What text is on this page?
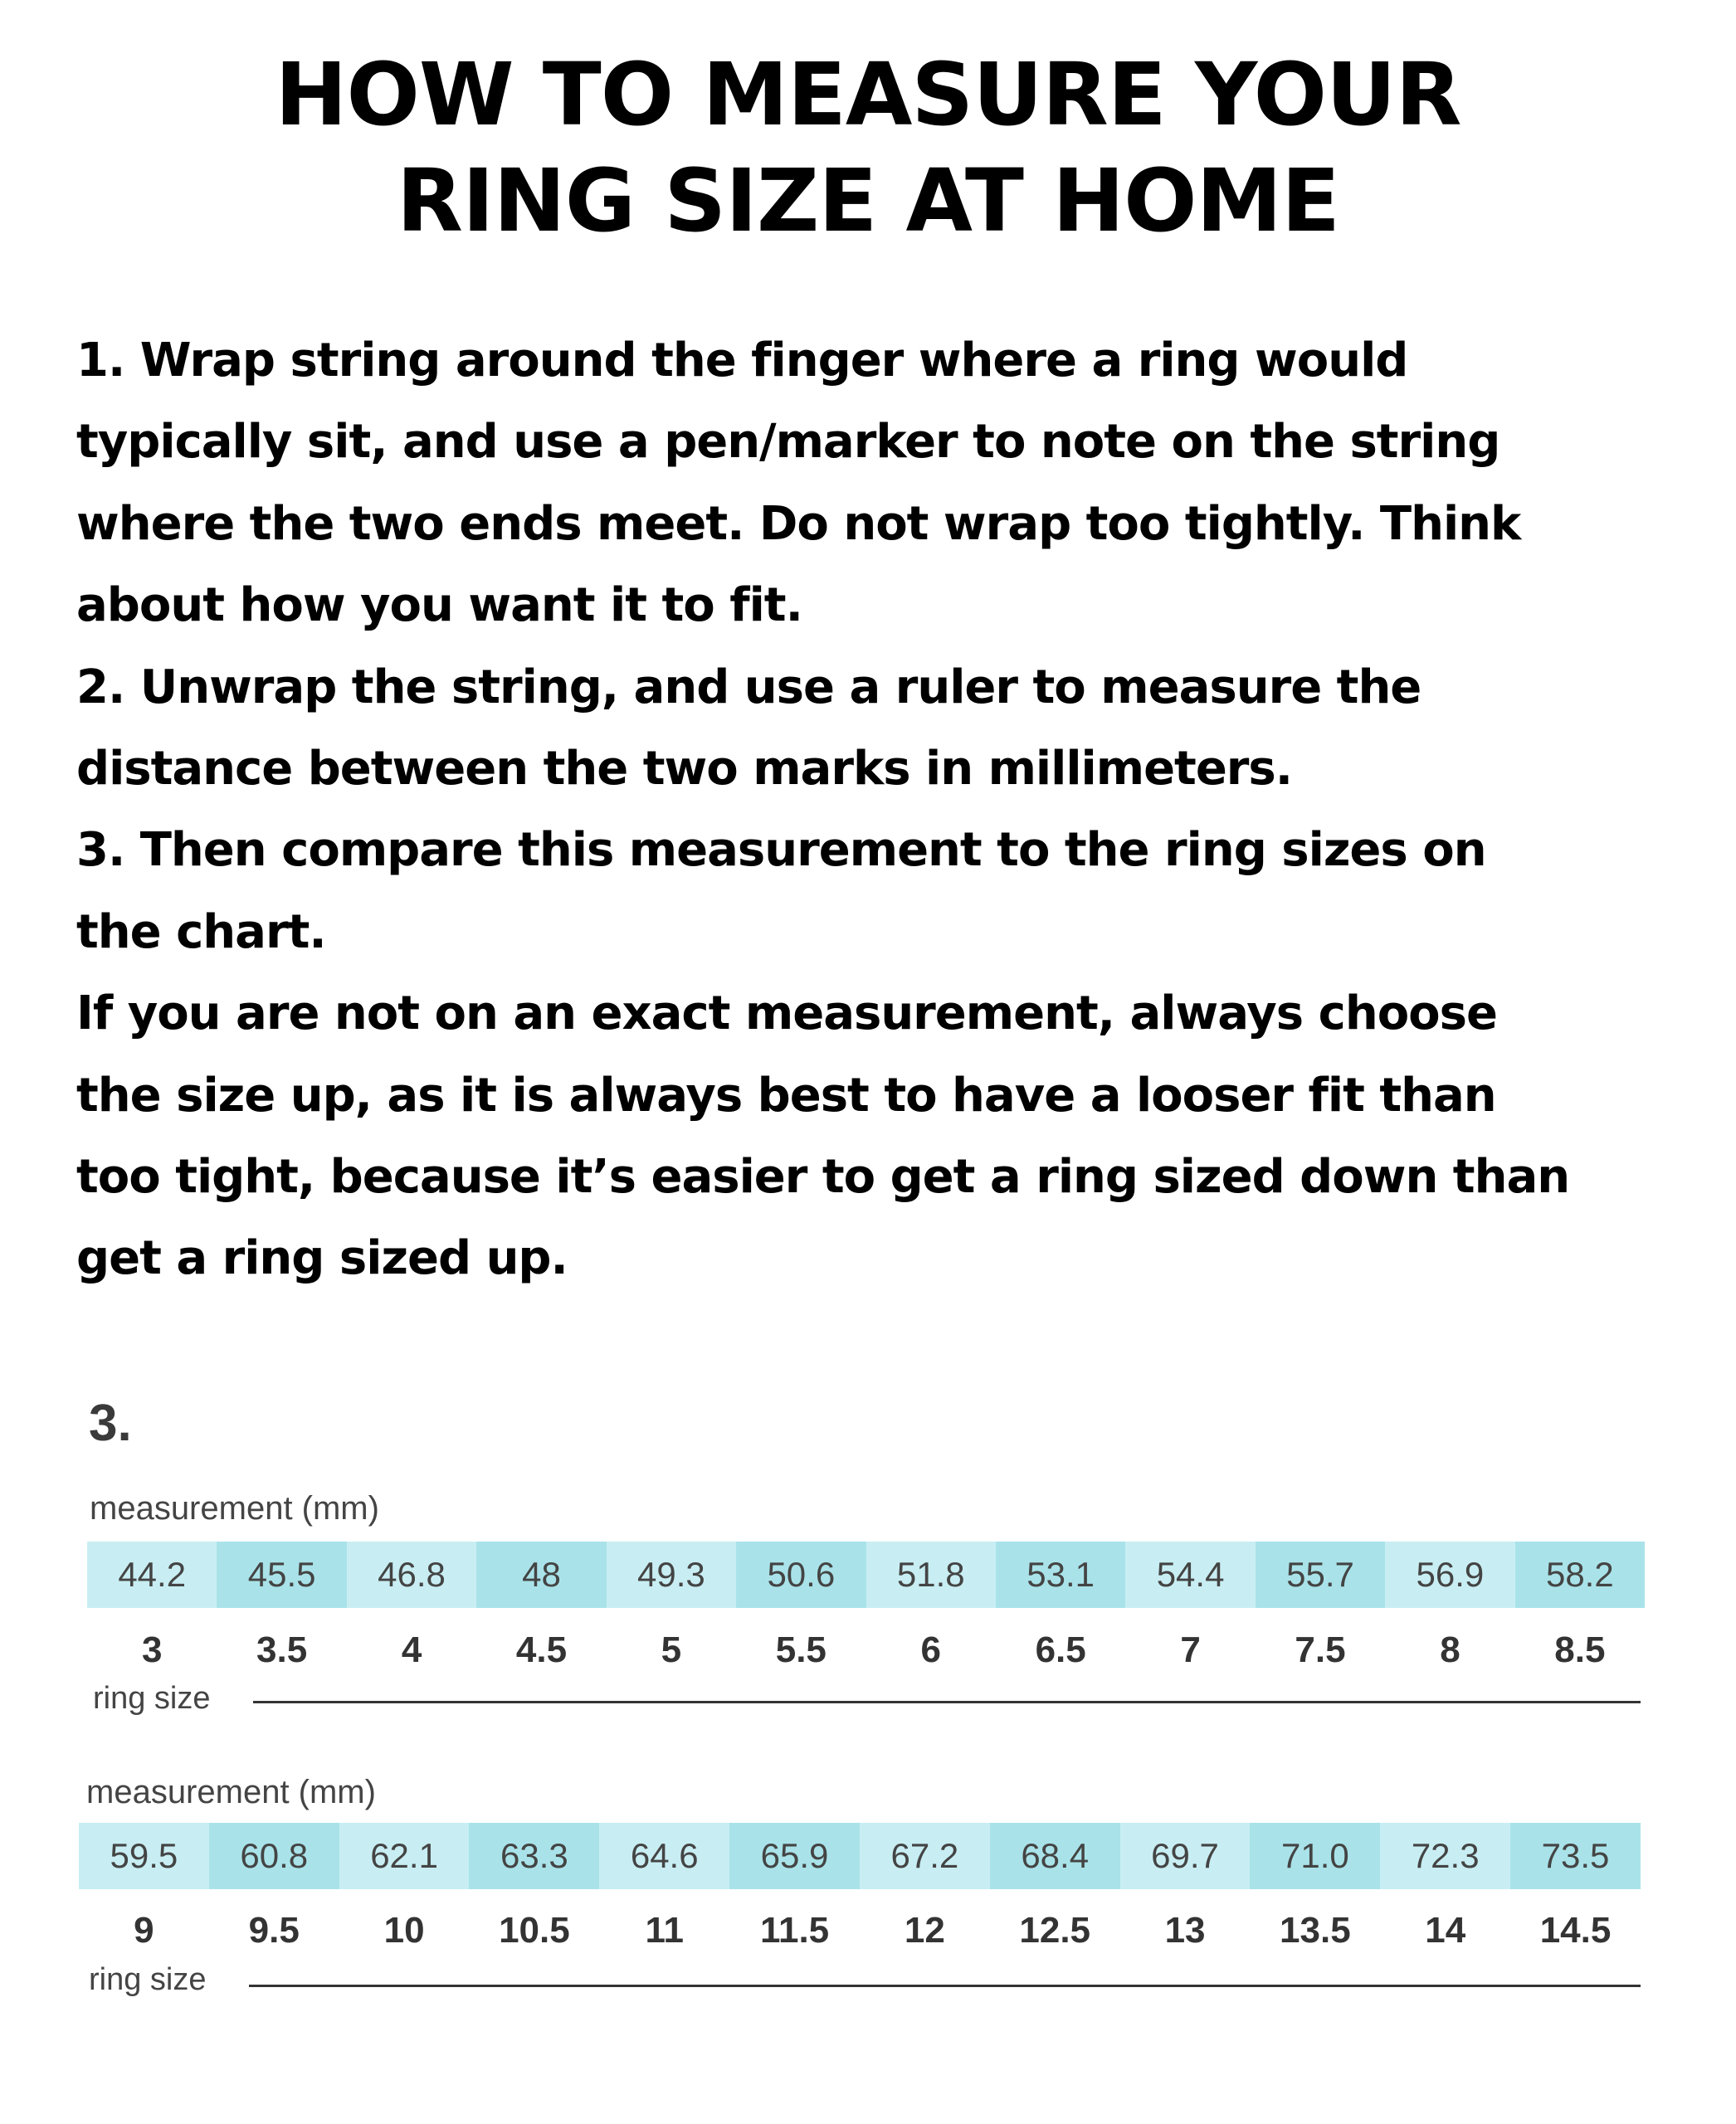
HOW TO MEASURE YOUR
RING SIZE AT HOME
1. Wrap string around the finger where a ring would
typically sit, and use a pen/marker to note on the string
where the two ends meet. Do not wrap too tightly. Think
about how you want it to fit.
2. Unwrap the string, and use a ruler to measure the
distance between the two marks in millimeters.
3. Then compare this measurement to the ring sizes on
the chart.
If you are not on an exact measurement, always choose
the size up, as it is always best to have a looser fit than
too tight, because it’s easier to get a ring sized down than
get a ring sized up.
3.
measurement (mm)
44.2	45.5	46.8	48	49.3	50.6	51.8	53.1	54.4	55.7	56.9	58.2
3	3.5	4	4.5	5	5.5	6	6.5	7	7.5	8	8.5
ring size
measurement (mm)
59.5	60.8	62.1	63.3	64.6	65.9	67.2	68.4	69.7	71.0	72.3	73.5
9	9.5	10	10.5	11	11.5	12	12.5	13	13.5	14	14.5
ring size
